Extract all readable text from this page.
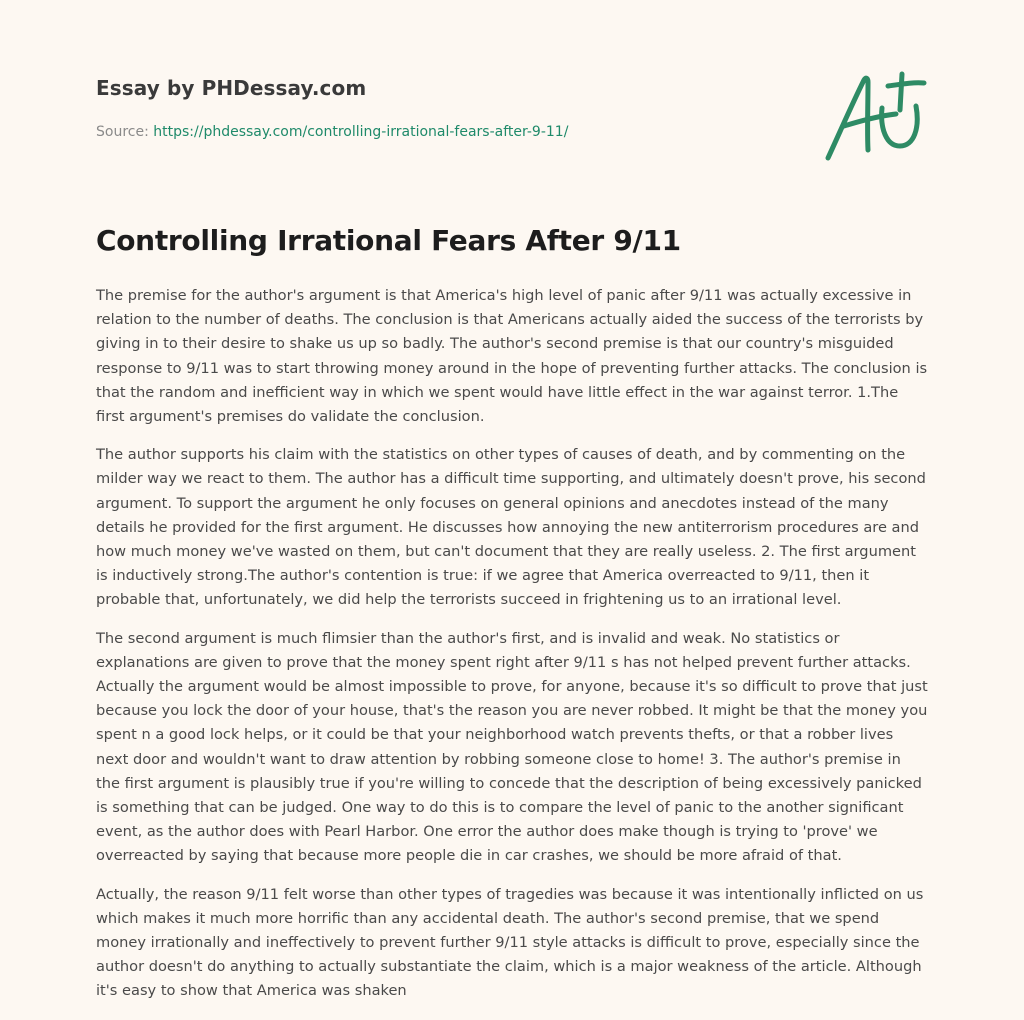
Essay by PHDessay.com
Source: https://phdessay.com/controlling-irrational-fears-after-9-11/
Controlling Irrational Fears After 9/11

The premise for the author's argument is that America's high level of panic after 9/11 was actually excessive in relation to the number of deaths. The conclusion is that Americans actually aided the success of the terrorists by giving in to their desire to shake us up so badly. The author's second premise is that our country's misguided response to 9/11 was to start throwing money around in the hope of preventing further attacks. The conclusion is that the random and inefficient way in which we spent would have little effect in the war against terror. 1.The first argument's premises do validate the conclusion.

The author supports his claim with the statistics on other types of causes of death, and by commenting on the milder way we react to them. The author has a difficult time supporting, and ultimately doesn't prove, his second argument. To support the argument he only focuses on general opinions and anecdotes instead of the many details he provided for the first argument. He discusses how annoying the new antiterrorism procedures are and how much money we've wasted on them, but can't document that they are really useless. 2. The first argument is inductively strong.The author's contention is true: if we agree that America overreacted to 9/11, then it probable that, unfortunately, we did help the terrorists succeed in frightening us to an irrational level.

The second argument is much flimsier than the author's first, and is invalid and weak. No statistics or explanations are given to prove that the money spent right after 9/11 s has not helped prevent further attacks. Actually the argument would be almost impossible to prove, for anyone, because it's so difficult to prove that just because you lock the door of your house, that's the reason you are never robbed. It might be that the money you spent n a good lock helps, or it could be that your neighborhood watch prevents thefts, or that a robber lives next door and wouldn't want to draw attention by robbing someone close to home! 3. The author's premise in the first argument is plausibly true if you're willing to concede that the description of being excessively panicked is something that can be judged. One way to do this is to compare the level of panic to the another significant event, as the author does with Pearl Harbor. One error the author does make though is trying to 'prove' we overreacted by saying that because more people die in car crashes, we should be more afraid of that.

Actually, the reason 9/11 felt worse than other types of tragedies was because it was intentionally inflicted on us which makes it much more horrific than any accidental death. The author's second premise, that we spend money irrationally and ineffectively to prevent further 9/11 style attacks is difficult to prove, especially since the author doesn't do anything to actually substantiate the claim, which is a major weakness of the article. Although it's easy to show that America was shaken
